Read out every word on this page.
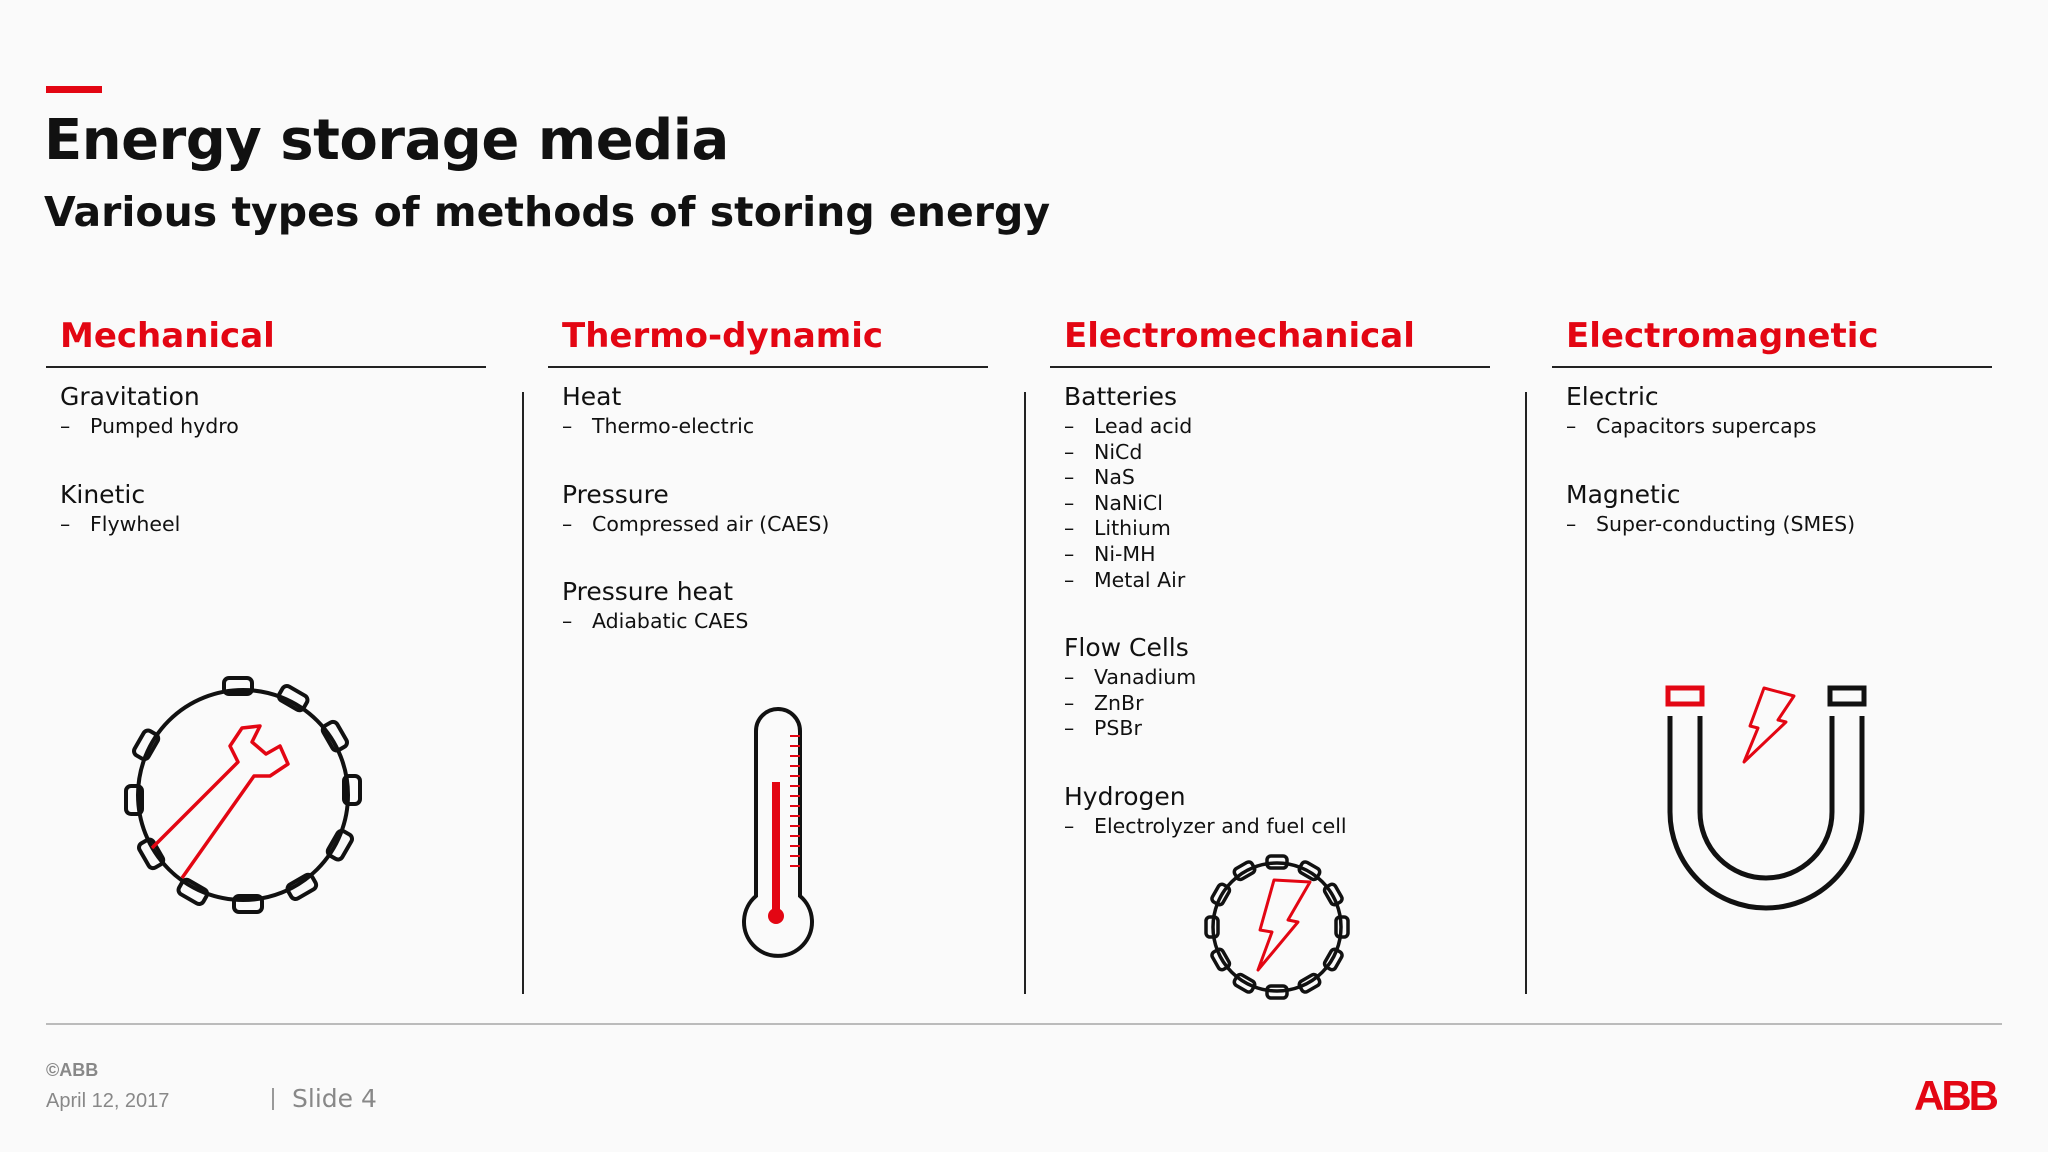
Energy storage media
Various types of methods of storing energy
Mechanical
Gravitation
– Pumped hydro
Kinetic
– Flywheel
Thermo-dynamic
Heat
– Thermo-electric
Pressure
– Compressed air (CAES)
Pressure heat
– Adiabatic CAES
Electromechanical
Batteries
– Lead acid
– NiCd
– NaS
– NaNiCl
– Lithium
– Ni-MH
– Metal Air
Flow Cells
– Vanadium
– ZnBr
– PSBr
Hydrogen
– Electrolyzer and fuel cell
Electromagnetic
Electric
– Capacitors supercaps
Magnetic
– Super-conducting (SMES)
©ABB
April 12, 2017	Slide 4	ABB
